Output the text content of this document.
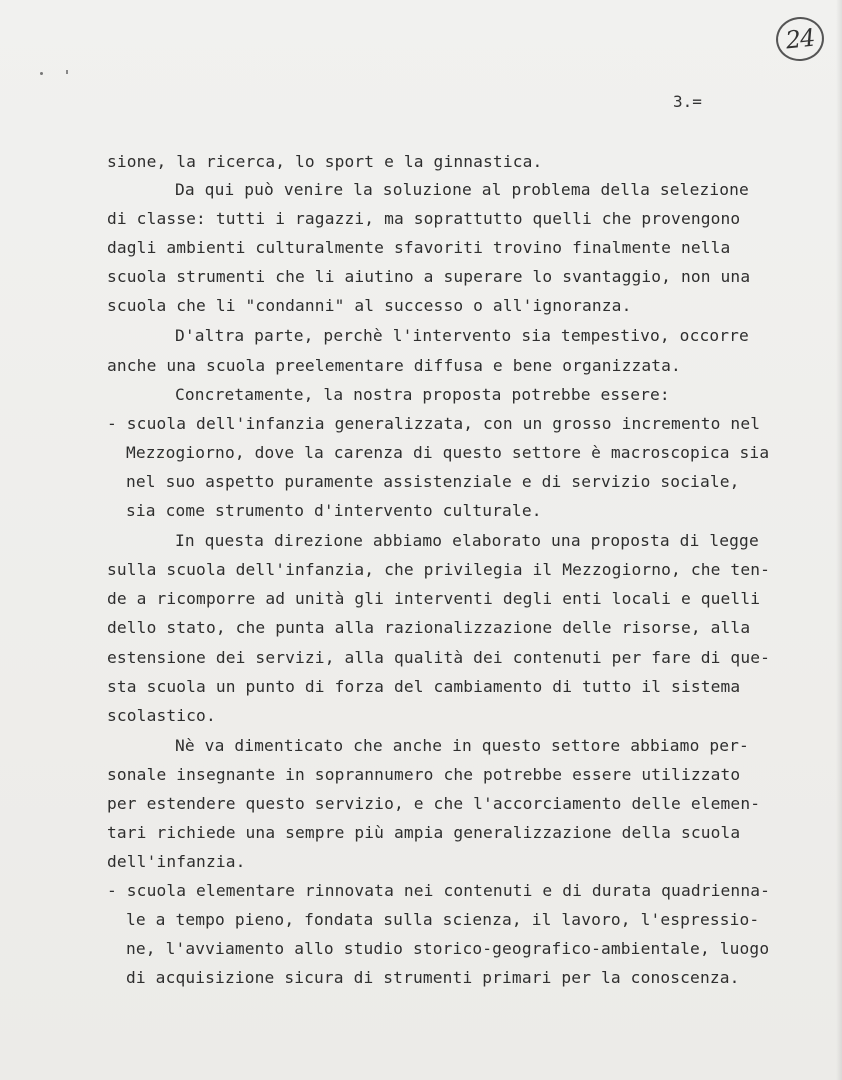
24
3.=
sione, la ricerca, lo sport e la ginnastica.
Da qui può venire la soluzione al problema della selezione
di classe: tutti i ragazzi, ma soprattutto quelli che provengono
dagli ambienti culturalmente sfavoriti trovino finalmente nella
scuola strumenti che li aiutino a superare lo svantaggio, non una
scuola che li "condanni" al successo o all'ignoranza.
D'altra parte, perchè l'intervento sia tempestivo, occorre
anche una scuola preelementare diffusa e bene organizzata.
Concretamente, la nostra proposta potrebbe essere:
- scuola dell'infanzia generalizzata, con un grosso incremento nel
Mezzogiorno, dove la carenza di questo settore è macroscopica sia
nel suo aspetto puramente assistenziale e di servizio sociale,
sia come strumento d'intervento culturale.
In questa direzione abbiamo elaborato una proposta di legge
sulla scuola dell'infanzia, che privilegia il Mezzogiorno, che ten-
de a ricomporre ad unità gli interventi degli enti locali e quelli
dello stato, che punta alla razionalizzazione delle risorse, alla
estensione dei servizi, alla qualità dei contenuti per fare di que-
sta scuola un punto di forza del cambiamento di tutto il sistema
scolastico.
Nè va dimenticato che anche in questo settore abbiamo per-
sonale insegnante in soprannumero che potrebbe essere utilizzato
per estendere questo servizio, e che l'accorciamento delle elemen-
tari richiede una sempre più ampia generalizzazione della scuola
dell'infanzia.
- scuola elementare rinnovata nei contenuti e di durata quadrienna-
le a tempo pieno, fondata sulla scienza, il lavoro, l'espressio-
ne, l'avviamento allo studio storico-geografico-ambientale, luogo
di acquisizione sicura di strumenti primari per la conoscenza.
